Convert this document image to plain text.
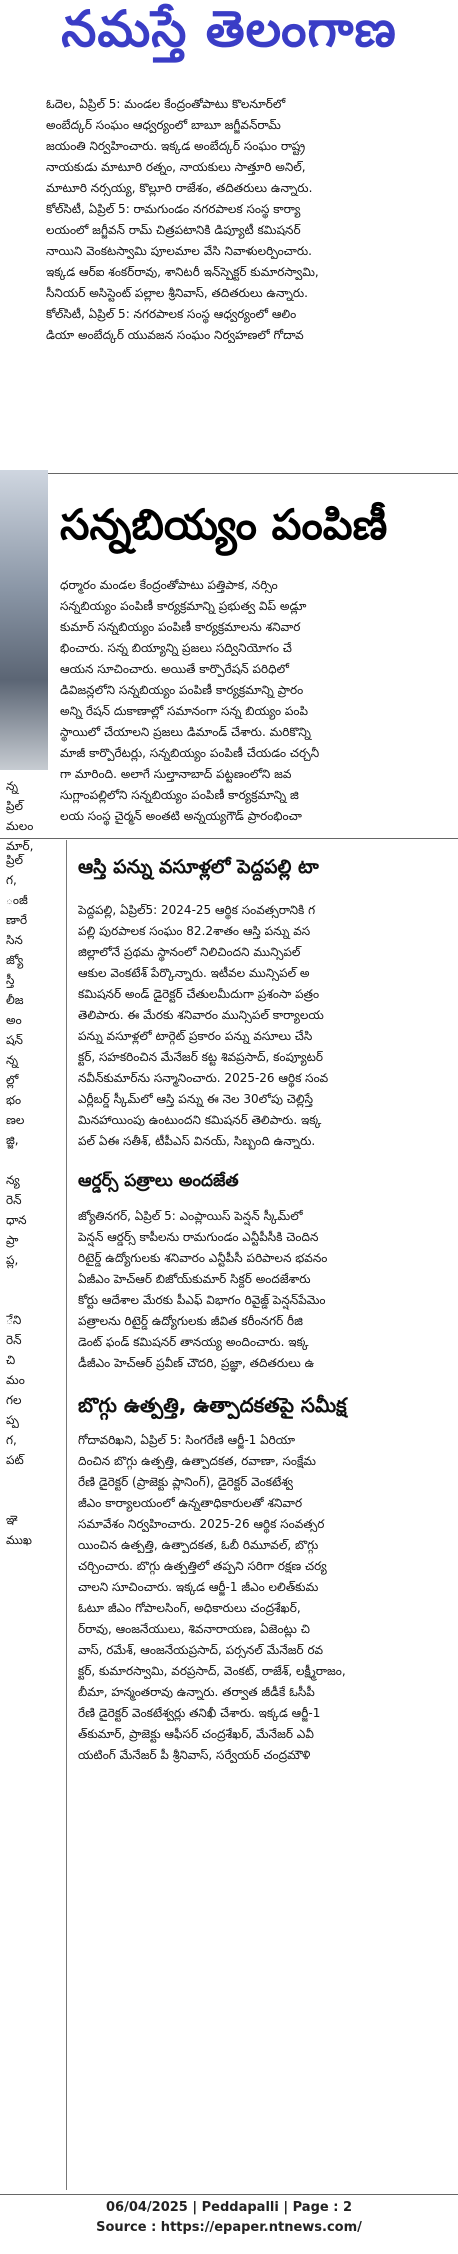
నమస్తే తెలంగాణ
ఓదెల, ఏప్రిల్ 5: మండల కేంద్రంతోపాటు కొలనూర్‌లో
అంబేద్కర్ సంఘం ఆధ్వర్యంలో బాబూ జగ్జీవన్‌రామ్
జయంతి నిర్వహించారు. ఇక్కడ అంబేద్కర్ సంఘం రాష్ట్ర
నాయకుడు మాటూరి రత్నం, నాయకులు సాత్తూరి అనిల్,
మాటూరి నర్సయ్య, కొల్లూరి రాజేశం, తదితరులు ఉన్నారు.
కోల్‌సిటీ, ఏప్రిల్ 5: రామగుండం నగరపాలక సంస్థ కార్యా
లయంలో జగ్జీవన్ రామ్ చిత్రపటానికి డిప్యూటీ కమిషనర్
నాయిని వెంకటస్వామి పూలమాల వేసి నివాళులర్పించారు.
ఇక్కడ ఆర్‌ఐ శంకర్‌రావు, శానిటరీ ఇన్‌స్పెక్టర్ కుమారస్వామి,
సీనియర్ అసిస్టెంట్ పల్లాల శ్రీనివాస్, తదితరులు ఉన్నారు.
కోల్‌సిటీ, ఏప్రిల్ 5: నగరపాలక సంస్థ ఆధ్వర్యంలో ఆలిం
డియా అంబేద్కర్ యువజన సంఘం నిర్వహణలో గోదావ
సన్నబియ్యం పంపిణీ
ధర్మారం మండల కేంద్రంతోపాటు పత్తిపాక, నర్సిం
సన్నబియ్యం పంపిణీ కార్యక్రమాన్ని ప్రభుత్వ విప్ అడ్లూ
కుమార్ సన్నబియ్యం పంపిణీ కార్యక్రమాలను శనివార
భించారు. సన్న బియ్యాన్ని ప్రజలు సద్వినియోగం చే
ఆయన సూచించారు. అయితే కార్పొరేషన్ పరిధిలో
డివిజన్లలోని సన్నబియ్యం పంపిణీ కార్యక్రమాన్ని ప్రారం
అన్ని రేషన్ దుకాణాల్లో సమానంగా సన్న బియ్యం పంపి
స్థాయిలో చేయాలని ప్రజలు డిమాండ్ చేశారు. మరికొన్ని
మాజీ కార్పొరేటర్లు, సన్నబియ్యం పంపిణీ చేయడం చర్చనీ
గా మారింది. అలాగే సుల్తానాబాద్ పట్టణంలోని జవ
సుగ్లాంపల్లిలోని సన్నబియ్యం పంపిణీ కార్యక్రమాన్ని జి
లయ సంస్థ చైర్మన్ అంతటి అన్నయ్యగౌడ్ ప్రారంభించా
న్న
ప్రిల్
మలం
మార్,
ప్రిల్
గ,
ంజీ
ణారే
సిన
జ్యో
స్తీ
లీజ
అం
షన్
న్న
ల్లో
భం
ణల
జ్జి,
న్య
రెన్
ధాన
ప్రా
ప్ల,
ేని
రెన్
చి
మం
గల
ప్ప
గ,
పట్
ఞె
ముఖ
ఆస్తి పన్ను వసూళ్లలో పెద్దపల్లి టా
పెద్దపల్లి, ఏప్రిల్5: 2024-25 ఆర్థిక సంవత్సరానికి గ
పల్లి పురపాలక సంఘం 82.2శాతం ఆస్తి పన్ను వస
జిల్లాలోనే ప్రథమ స్థానంలో నిలిచిందని మున్సిపల్
ఆకుల వెంకటేశ్ పేర్కొన్నారు. ఇటీవల మున్సిపల్ అ
కమిషనర్ అండ్ డైరెక్టర్ చేతులమీదుగా ప్రశంసా పత్రం
తెలిపారు. ఈ మేరకు శనివారం మున్సిపల్ కార్యాలయ
పన్ను వసూళ్లలో టార్గెట్ ప్రకారం పన్ను వసూలు చేసి
క్టర్, సహకరించిన మేనేజర్ కట్ట శివప్రసాద్, కంప్యూటర్
నవీన్‌కుమార్‌ను సన్మానించారు. 2025-26 ఆర్థిక సంవ
ఎర్లీబర్డ్ స్కీమ్‌లో ఆస్తి పన్ను ఈ నెల 30లోపు చెల్లిస్తే
మినహాయింపు ఉంటుందని కమిషనర్ తెలిపారు. ఇక్క
పల్ ఏఈ సతీశ్, టీపీఎస్ వినయ్, సిబ్బంది ఉన్నారు.
ఆర్డర్స్ పత్రాలు అందజేత
జ్యోతినగర్, ఏప్రిల్ 5: ఎంప్లాయిస్ పెన్షన్ స్కీమ్‌లో
పెన్షన్ ఆర్డర్స్ కాపీలను రామగుండం ఎన్టీపీసీకి చెందిన
రిటైర్డ్ ఉద్యోగులకు శనివారం ఎన్టీపీసీ పరిపాలన భవనం
ఏజీఎం హెచ్‌ఆర్ బిజోయ్‌కుమార్ సిక్దర్ అందజేశారు
కోర్టు ఆదేశాల మేరకు పీఎఫ్ విభాగం రివైజ్డ్ పెన్షన్‌పేమెం
పత్రాలను రిటైర్డ్ ఉద్యోగులకు జీవిత కరీంనగర్ రీజి
డెంట్ ఫండ్ కమిషనర్ తానయ్య అందించారు. ఇక్క
డీజీఎం హెచ్‌ఆర్ ప్రవీణ్ చౌదరి, ప్రజ్ఞా, తదితరులు ఉ
బొగ్గు ఉత్పత్తి, ఉత్పాదకతపై సమీక్ష
గోదావరిఖని, ఏప్రిల్ 5: సింగరేణి ఆర్జీ-1 ఏరియా
దించిన బొగ్గు ఉత్పత్తి, ఉత్పాదకత, రవాణా, సంక్షేమ
రేణి డైరెక్టర్ (ప్రాజెక్టు ప్లానింగ్), డైరెక్టర్ వెంకటేశ్వ
జీఎం కార్యాలయంలో ఉన్నతాధికారులతో శనివార
సమావేశం నిర్వహించారు. 2025-26 ఆర్థిక సంవత్సర
యించిన ఉత్పత్తి, ఉత్పాదకత, ఓబీ రిమూవల్, బొగ్గు
చర్చించారు. బొగ్గు ఉత్పత్తిలో తప్పని సరిగా రక్షణ చర్య
చాలని సూచించారు. ఇక్కడ ఆర్జీ-1 జీఎం లలిత్‌కుమ
ఓటూ జీఎం గోపాలసింగ్, అధికారులు చంద్రశేఖర్,
ర్‌రావు, ఆంజనేయులు, శివనారాయణ, ఏజెంట్లు చి
వాస్, రమేశ్, ఆంజనేయప్రసాద్, పర్సనల్ మేనేజర్ రవ
క్టర్, కుమారస్వామి, వరప్రసాద్, వెంకట్, రాజేశ్, లక్ష్మీరాజం,
బీమా, హన్మంతరావు ఉన్నారు. తర్వాత జీడీకే ఓసీపీ
రేణి డైరెక్టర్ వెంకటేశ్వర్లు తనిఖీ చేశారు. ఇక్కడ ఆర్జీ-1
త్‌కుమార్, ప్రాజెక్టు ఆఫీసర్ చంద్రశేఖర్, మేనేజర్ ఎవీ
యటింగ్ మేనేజర్ పీ శ్రీనివాస్, సర్వేయర్ చంద్రమౌళి
06/04/2025 | Peddapalli | Page : 2
Source : https://epaper.ntnews.com/
